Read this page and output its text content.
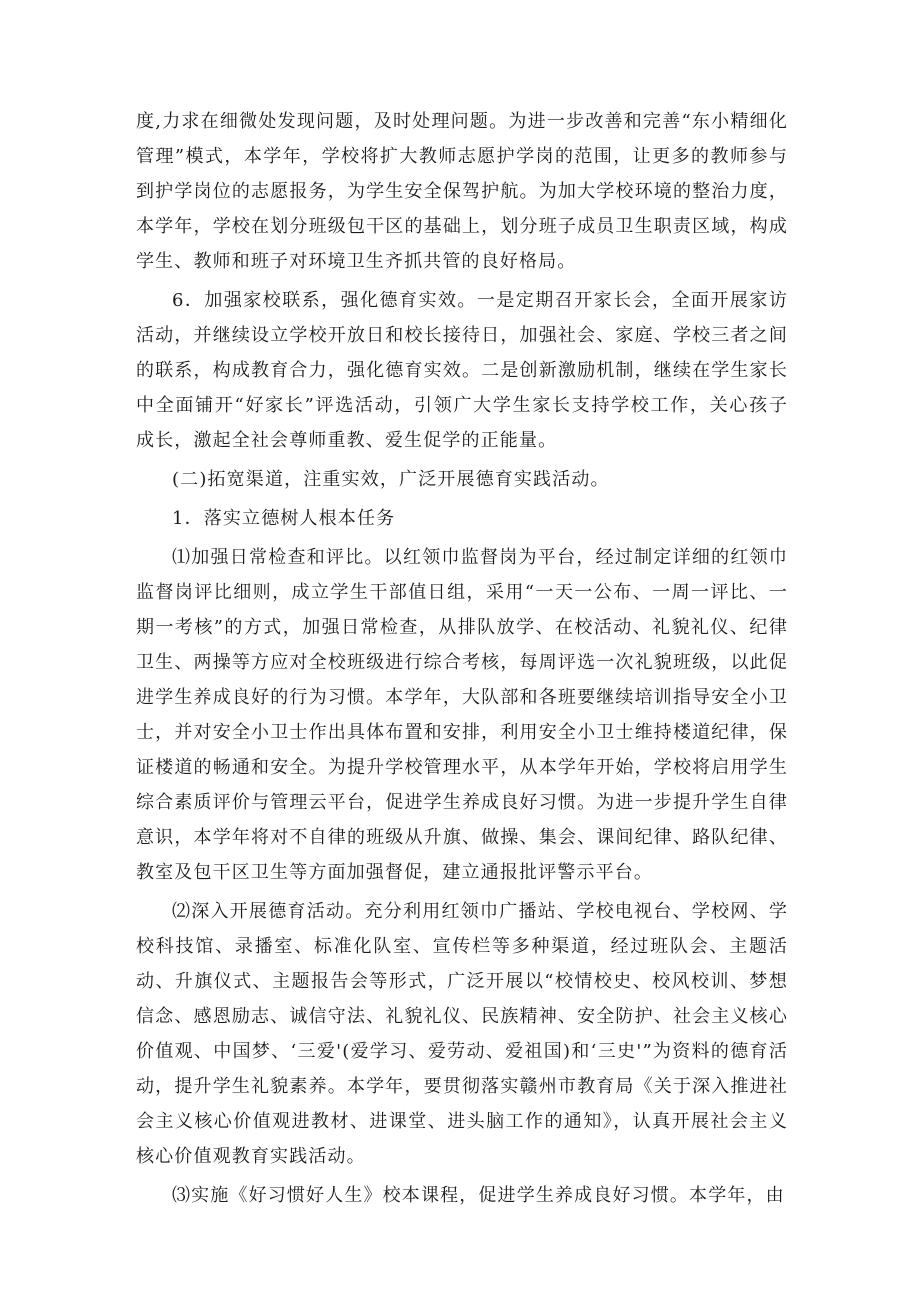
度,力求在细微处发现问题，及时处理问题。为进一步改善和完善“东小精细化管理”模式，本学年，学校将扩大教师志愿护学岗的范围，让更多的教师参与到护学岗位的志愿报务，为学生安全保驾护航。为加大学校环境的整治力度，本学年，学校在划分班级包干区的基础上，划分班子成员卫生职责区域，构成学生、教师和班子对环境卫生齐抓共管的良好格局。

6．加强家校联系，强化德育实效。一是定期召开家长会，全面开展家访活动，并继续设立学校开放日和校长接待日，加强社会、家庭、学校三者之间的联系，构成教育合力，强化德育实效。二是创新激励机制，继续在学生家长中全面铺开“好家长”评选活动，引领广大学生家长支持学校工作，关心孩子成长，激起全社会尊师重教、爱生促学的正能量。

(二)拓宽渠道，注重实效，广泛开展德育实践活动。

1．落实立德树人根本任务

⑴加强日常检查和评比。以红领巾监督岗为平台，经过制定详细的红领巾监督岗评比细则，成立学生干部值日组，采用“一天一公布、一周一评比、一期一考核”的方式，加强日常检查，从排队放学、在校活动、礼貌礼仪、纪律卫生、两操等方应对全校班级进行综合考核，每周评选一次礼貌班级，以此促进学生养成良好的行为习惯。本学年，大队部和各班要继续培训指导安全小卫士，并对安全小卫士作出具体布置和安排，利用安全小卫士维持楼道纪律，保证楼道的畅通和安全。为提升学校管理水平，从本学年开始，学校将启用学生综合素质评价与管理云平台，促进学生养成良好习惯。为进一步提升学生自律意识，本学年将对不自律的班级从升旗、做操、集会、课间纪律、路队纪律、教室及包干区卫生等方面加强督促，建立通报批评警示平台。

⑵深入开展德育活动。充分利用红领巾广播站、学校电视台、学校网、学校科技馆、录播室、标准化队室、宣传栏等多种渠道，经过班队会、主题活动、升旗仪式、主题报告会等形式，广泛开展以“校情校史、校风校训、梦想信念、感恩励志、诚信守法、礼貌礼仪、民族精神、安全防护、社会主义核心价值观、中国梦、‘三爱'(爱学习、爱劳动、爱祖国)和‘三史'”为资料的德育活动，提升学生礼貌素养。本学年，要贯彻落实赣州市教育局《关于深入推进社会主义核心价值观进教材、进课堂、进头脑工作的通知》，认真开展社会主义核心价值观教育实践活动。

⑶实施《好习惯好人生》校本课程，促进学生养成良好习惯。本学年，由
